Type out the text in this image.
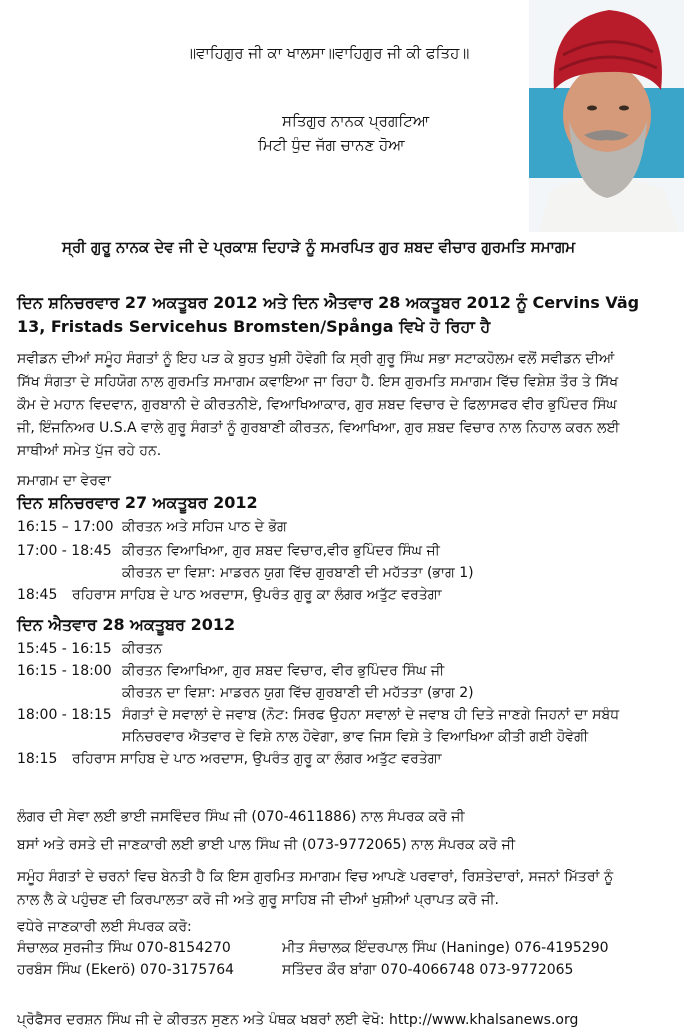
॥ਵਾਹਿਗੁਰ ਜੀ ਕਾ ਖਾਲਸਾ॥ਵਾਹਿਗੁਰ ਜੀ ਕੀ ਫਤਿਹ॥
ਸਤਿਗੁਰ ਨਾਨਕ ਪ੍ਰਗਟਿਆ
ਮਿਟੀ ਧੁੰਦ ਜੱਗ ਚਾਨਣ ਹੋਆ
ਸ੍ਰੀ ਗੁਰੂ ਨਾਨਕ ਦੇਵ ਜੀ ਦੇ ਪ੍ਰਕਾਸ਼ ਦਿਹਾੜੇ ਨੂੰ ਸਮਰਪਿਤ ਗੁਰ ਸ਼ਬਦ ਵੀਚਾਰ ਗੁਰਮਤਿ ਸਮਾਗਮ
ਦਿਨ ਸ਼ਨਿਚਰਵਾਰ 27 ਅਕਤੂਬਰ 2012 ਅਤੇ ਦਿਨ ਐਤਵਾਰ 28 ਅਕਤੂਬਰ 2012 ਨੂੰ Cervins Väg
13, Fristads Servicehus Bromsten/Spånga ਵਿਖੇ ਹੋ ਰਿਹਾ ਹੈ
ਸਵੀਡਨ ਦੀਆਂ ਸਮੂੰਹ ਸੰਗਤਾਂ ਨੂੰ ਇਹ ਪੜ ਕੇ ਬੁਹਤ ਖੁਸ਼ੀ ਹੋਵੇਗੀ ਕਿ ਸ੍ਰੀ ਗੁਰੂ ਸਿੰਘ ਸਭਾ ਸਟਾਕਹੋਲਮ ਵਲੋਂ ਸਵੀਡਨ ਦੀਆਂ
ਸਿੱਖ ਸੰਗਤਾ ਦੇ ਸਹਿਯੋਗ ਨਾਲ ਗੁਰਮਤਿ ਸਮਾਗਮ ਕਵਾਇਆ ਜਾ ਰਿਹਾ ਹੈ. ਇਸ ਗੁਰਮਤਿ ਸਮਾਗਮ ਵਿੱਚ ਵਿਸ਼ੇਸ਼ ਤੌਰ ਤੇ ਸਿੱਖ
ਕੌਮ ਦੇ ਮਹਾਨ ਵਿਦਵਾਨ, ਗੁਰਬਾਨੀ ਦੇ ਕੀਰਤਨੀਏ, ਵਿਆਖਿਆਕਾਰ, ਗੁਰ ਸ਼ਬਦ ਵਿਚਾਰ ਦੇ ਫਿਲਾਸਫਰ ਵੀਰ ਭੁਪਿੰਦਰ ਸਿੰਘ
ਜੀ, ਇੰਜਨਿਅਰ U.S.A ਵਾਲੇ ਗੁਰੂ ਸੰਗਤਾਂ ਨੂੰ ਗੁਰਬਾਣੀ ਕੀਰਤਨ, ਵਿਆਖਿਆ, ਗੁਰ ਸ਼ਬਦ ਵਿਚਾਰ ਨਾਲ ਨਿਹਾਲ ਕਰਨ ਲਈ
ਸਾਥੀਆਂ ਸਮੇਤ ਪੁੱਜ ਰਹੇ ਹਨ.
ਸਮਾਗਮ ਦਾ ਵੇਰਵਾ
ਦਿਨ ਸ਼ਨਿਚਰਵਾਰ 27 ਅਕਤੂਬਰ 2012
16:15 – 17:00 ਕੀਰਤਨ ਅਤੇ ਸਹਿਜ ਪਾਠ ਦੇ ਭੋਗ
17:00 - 18:45 ਕੀਰਤਨ ਵਿਆਖਿਆ, ਗੁਰ ਸ਼ਬਦ ਵਿਚਾਰ,ਵੀਰ ਭੁਪਿੰਦਰ ਸਿੰਘ ਜੀ
ਕੀਰਤਨ ਦਾ ਵਿਸ਼ਾ: ਮਾਡਰਨ ਯੁਗ ਵਿੱਚ ਗੁਰਬਾਣੀ ਦੀ ਮਹੱਤਤਾ (ਭਾਗ 1)
18:45 ਰਹਿਰਾਸ ਸਾਹਿਬ ਦੇ ਪਾਠ ਅਰਦਾਸ, ਉਪਰੰਤ ਗੁਰੂ ਕਾ ਲੰਗਰ ਅਤੁੱਟ ਵਰਤੇਗਾ
ਦਿਨ ਐਤਵਾਰ 28 ਅਕਤੂਬਰ 2012
15:45 - 16:15 ਕੀਰਤਨ
16:15 - 18:00 ਕੀਰਤਨ ਵਿਆਖਿਆ, ਗੁਰ ਸ਼ਬਦ ਵਿਚਾਰ, ਵੀਰ ਭੁਪਿੰਦਰ ਸਿੰਘ ਜੀ
ਕੀਰਤਨ ਦਾ ਵਿਸ਼ਾ: ਮਾਡਰਨ ਯੁਗ ਵਿੱਚ ਗੁਰਬਾਣੀ ਦੀ ਮਹੱਤਤਾ (ਭਾਗ 2)
18:00 - 18:15 ਸੰਗਤਾਂ ਦੇ ਸਵਾਲਾਂ ਦੇ ਜਵਾਬ (ਨੋਟ: ਸਿਰਫ ਉਹਨਾ ਸਵਾਲਾਂ ਦੇ ਜਵਾਬ ਹੀ ਦਿਤੇ ਜਾਣਗੇ ਜਿਹਨਾਂ ਦਾ ਸਬੰਧ
ਸਨਿਚਰਵਾਰ ਐਤਵਾਰ ਦੇ ਵਿਸ਼ੇ ਨਾਲ ਹੋਵੇਗਾ, ਭਾਵ ਜਿਸ ਵਿਸ਼ੇ ਤੇ ਵਿਆਖਿਆ ਕੀਤੀ ਗਈ ਹੋਵੇਗੀ
18:15 ਰਹਿਰਾਸ ਸਾਹਿਬ ਦੇ ਪਾਠ ਅਰਦਾਸ, ਉਪਰੰਤ ਗੁਰੂ ਕਾ ਲੰਗਰ ਅਤੁੱਟ ਵਰਤੇਗਾ
ਲੰਗਰ ਦੀ ਸੇਵਾ ਲਈ ਭਾਈ ਜਸਵਿੰਦਰ ਸਿੰਘ ਜੀ (070-4611886) ਨਾਲ ਸੰਪਰਕ ਕਰੋ ਜੀ
ਬਸਾਂ ਅਤੇ ਰਸਤੇ ਦੀ ਜਾਣਕਾਰੀ ਲਈ ਭਾਈ ਪਾਲ ਸਿੰਘ ਜੀ (073-9772065) ਨਾਲ ਸੰਪਰਕ ਕਰੋ ਜੀ
ਸਮੂੰਹ ਸੰਗਤਾਂ ਦੇ ਚਰਨਾਂ ਵਿਚ ਬੇਨਤੀ ਹੈ ਕਿ ਇਸ ਗੁਰਮਿਤ ਸਮਾਗਮ ਵਿਚ ਆਪਣੇ ਪਰਵਾਰਾਂ, ਰਿਸ਼ਤੇਦਾਰਾਂ, ਸਜਨਾਂ ਮਿੱਤਰਾਂ ਨੂੰ
ਨਾਲ ਲੈ ਕੇ ਪਹੁੰਚਣ ਦੀ ਕਿਰਪਾਲਤਾ ਕਰੋ ਜੀ ਅਤੇ ਗੁਰੂ ਸਾਹਿਬ ਜੀ ਦੀਆਂ ਖੁਸ਼ੀਆਂ ਪ੍ਰਾਪਤ ਕਰੋ ਜੀ.
ਵਧੇਰੇ ਜਾਣਕਾਰੀ ਲਈ ਸੰਪਰਕ ਕਰੋ:
ਸੰਚਾਲਕ ਸੁਰਜੀਤ ਸਿੰਘ 070-8154270	ਮੀਤ ਸੰਚਾਲਕ ਇੰਦਰਪਾਲ ਸਿੰਘ (Haninge) 076-4195290
ਹਰਬੰਸ ਸਿੰਘ (Ekerö) 070-3175764	ਸਤਿੰਦਰ ਕੌਰ ਬਾਂਗਾ 070-4066748 073-9772065
ਪ੍ਰੋਫੈਸਰ ਦਰਸ਼ਨ ਸਿੰਘ ਜੀ ਦੇ ਕੀਰਤਨ ਸੁਣਨ ਅਤੇ ਪੰਥਕ ਖਬਰਾਂ ਲਈ ਵੇਖੋ: http://www.khalsanews.org
